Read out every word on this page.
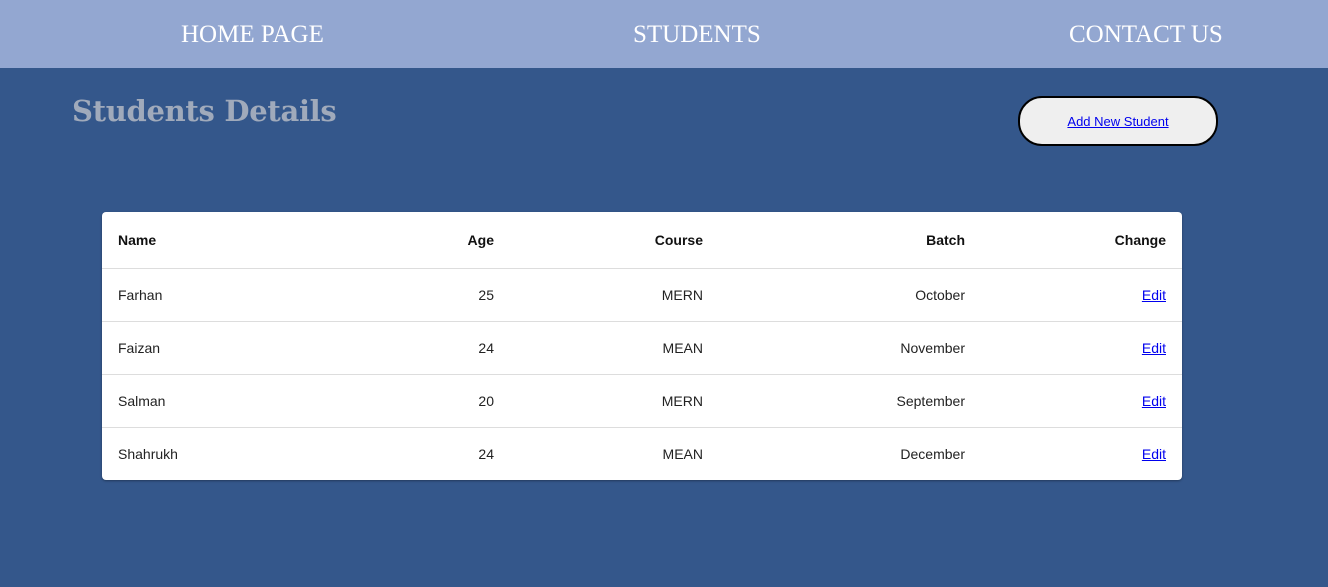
HOME PAGE	STUDENTS	CONTACT US
Students Details	Add New Student
Name	Age	Course	Batch	Change
Farhan	25	MERN	October	Edit
Faizan	24	MEAN	November	Edit
Salman	20	MERN	September	Edit
Shahrukh	24	MEAN	December	Edit
